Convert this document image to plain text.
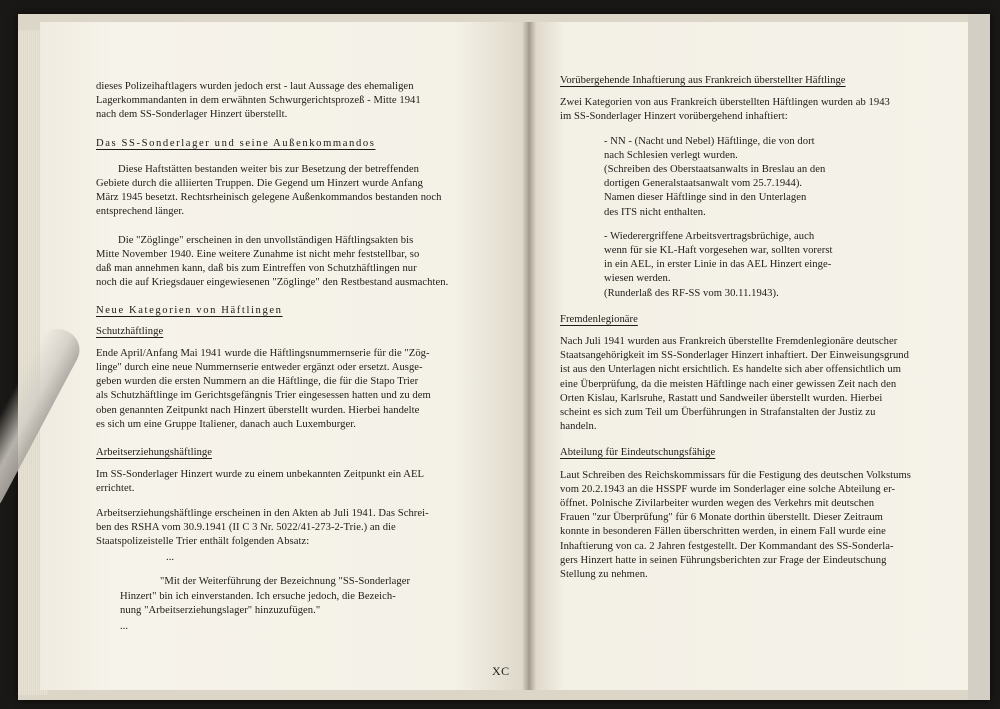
dieses Polizeihaftlagers wurden jedoch erst - laut Aussage des ehemaligen
Lagerkommandanten in dem erwähnten Schwurgerichtsprozeß - Mitte 1941
nach dem SS-Sonderlager Hinzert überstellt.

Das SS-Sonderlager und seine Außenkommandos

Diese Haftstätten bestanden weiter bis zur Besetzung der betreffenden
Gebiete durch die alliierten Truppen. Die Gegend um Hinzert wurde Anfang
März 1945 besetzt. Rechtsrheinisch gelegene Außenkommandos bestanden noch
entsprechend länger.

Die "Zöglinge" erscheinen in den unvollständigen Häftlingsakten bis
Mitte November 1940. Eine weitere Zunahme ist nicht mehr feststellbar, so
daß man annehmen kann, daß bis zum Eintreffen von Schutzhäftlingen nur
noch die auf Kriegsdauer eingewiesenen "Zöglinge" den Restbestand ausmachten.

Neue Kategorien von Häftlingen
Schutzhäftlinge

Ende April/Anfang Mai 1941 wurde die Häftlingsnummernserie für die "Zög-
linge" durch eine neue Nummernserie entweder ergänzt oder ersetzt. Ausge-
geben wurden die ersten Nummern an die Häftlinge, die für die Stapo Trier
als Schutzhäftlinge im Gerichtsgefängnis Trier eingesessen hatten und zu dem
oben genannten Zeitpunkt nach Hinzert überstellt wurden. Hierbei handelte
es sich um eine Gruppe Italiener, danach auch Luxemburger.

Arbeitserziehungshäftlinge

Im SS-Sonderlager Hinzert wurde zu einem unbekannten Zeitpunkt ein AEL
errichtet.

Arbeitserziehungshäftlinge erscheinen in den Akten ab Juli 1941. Das Schrei-
ben des RSHA vom 30.9.1941 (II C 3 Nr. 5022/41-273-2-Trie.) an die
Staatspolizeistelle Trier enthält folgenden Absatz:

...

"Mit der Weiterführung der Bezeichnung "SS-Sonderlager
Hinzert" bin ich einverstanden. Ich ersuche jedoch, die Bezeich-
nung "Arbeitserziehungslager" hinzuzufügen."

...
Vorübergehende Inhaftierung aus Frankreich überstellter Häftlinge

Zwei Kategorien von aus Frankreich überstellten Häftlingen wurden ab 1943
im SS-Sonderlager Hinzert vorübergehend inhaftiert:

- NN - (Nacht und Nebel) Häftlinge, die von dort
nach Schlesien verlegt wurden.
(Schreiben des Oberstaatsanwalts in Breslau an den
dortigen Generalstaatsanwalt vom 25.7.1944).
Namen dieser Häftlinge sind in den Unterlagen
des ITS nicht enthalten.
- Wiederergriffene Arbeitsvertragsbrüchige, auch
wenn für sie KL-Haft vorgesehen war, sollten vorerst
in ein AEL, in erster Linie in das AEL Hinzert einge-
wiesen werden.
(Runderlaß des RF-SS vom 30.11.1943).
Fremdenlegionäre

Nach Juli 1941 wurden aus Frankreich überstellte Fremdenlegionäre deutscher
Staatsangehörigkeit im SS-Sonderlager Hinzert inhaftiert. Der Einweisungsgrund
ist aus den Unterlagen nicht ersichtlich. Es handelte sich aber offensichtlich um
eine Überprüfung, da die meisten Häftlinge nach einer gewissen Zeit nach den
Orten Kislau, Karlsruhe, Rastatt und Sandweiler überstellt wurden. Hierbei
scheint es sich zum Teil um Überführungen in Strafanstalten der Justiz zu
handeln.

Abteilung für Eindeutschungsfähige

Laut Schreiben des Reichskommissars für die Festigung des deutschen Volkstums
vom 20.2.1943 an die HSSPF wurde im Sonderlager eine solche Abteilung er-
öffnet. Polnische Zivilarbeiter wurden wegen des Verkehrs mit deutschen
Frauen "zur Überprüfung" für 6 Monate dorthin überstellt. Dieser Zeitraum
konnte in besonderen Fällen überschritten werden, in einem Fall wurde eine
Inhaftierung von ca. 2 Jahren festgestellt. Der Kommandant des SS-Sonderla-
gers Hinzert hatte in seinen Führungsberichten zur Frage der Eindeutschung
Stellung zu nehmen.

XC
